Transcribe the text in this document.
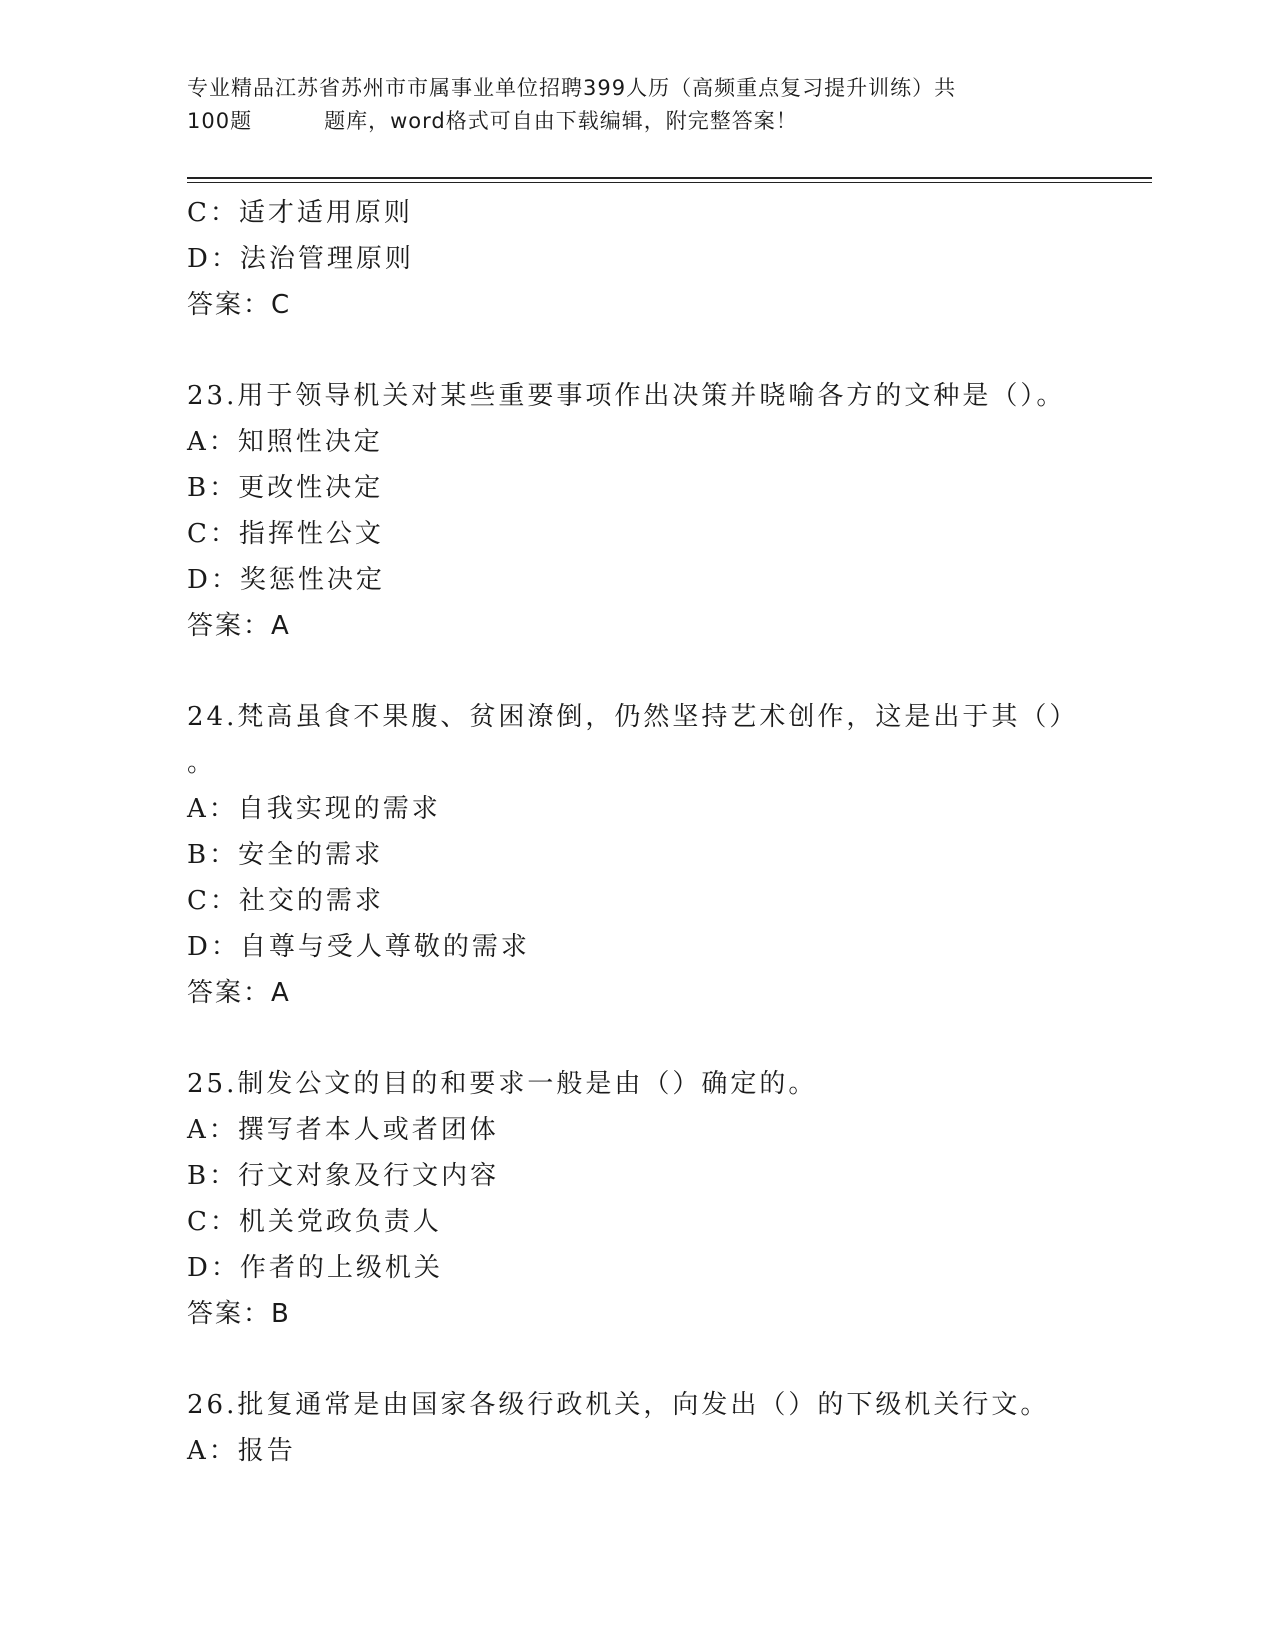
专业精品江苏省苏州市市属事业单位招聘399人历（高频重点复习提升训练）共
100题	题库，word格式可自由下载编辑，附完整答案！
C：适才适用原则
D：法治管理原则
答案：C
23.用于领导机关对某些重要事项作出决策并晓喻各方的文种是（）。
A：知照性决定
B：更改性决定
C：指挥性公文
D：奖惩性决定
答案：A
24.梵高虽食不果腹、贫困潦倒，仍然坚持艺术创作，这是出于其（）
。
A：自我实现的需求
B：安全的需求
C：社交的需求
D：自尊与受人尊敬的需求
答案：A
25.制发公文的目的和要求一般是由（）确定的。
A：撰写者本人或者团体
B：行文对象及行文内容
C：机关党政负责人
D：作者的上级机关
答案：B
26.批复通常是由国家各级行政机关，向发出（）的下级机关行文。
A：报告
